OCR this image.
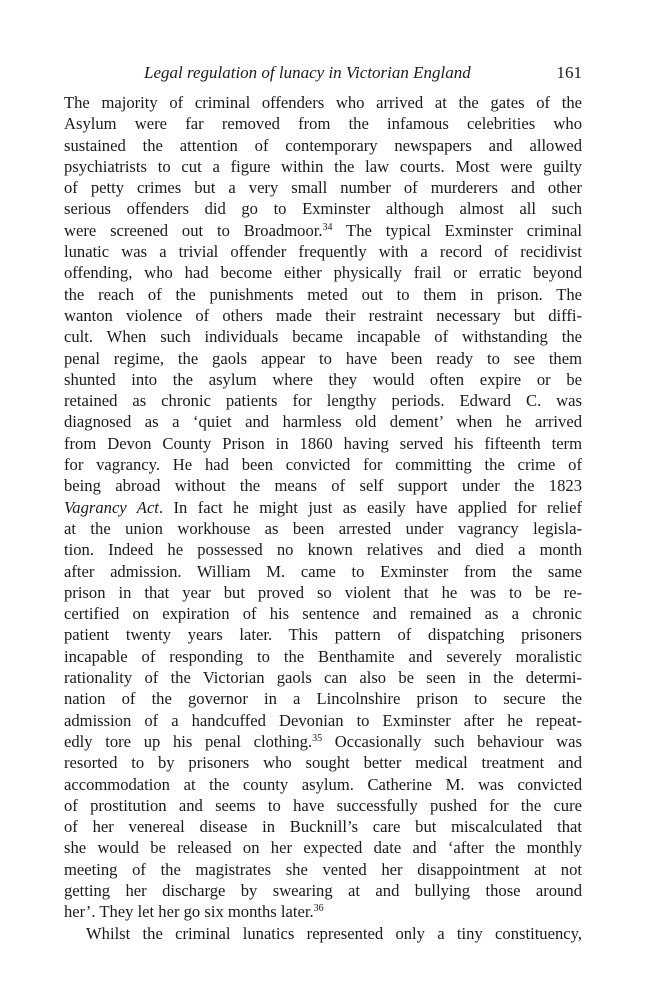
Legal regulation of lunacy in Victorian England	161
The majority of criminal offenders who arrived at the gates of the
Asylum were far removed from the infamous celebrities who
sustained the attention of contemporary newspapers and allowed
psychiatrists to cut a figure within the law courts. Most were guilty
of petty crimes but a very small number of murderers and other
serious offenders did go to Exminster although almost all such
were screened out to Broadmoor.$^{34}$ The typical Exminster criminal
lunatic was a trivial offender frequently with a record of recidivist
offending, who had become either physically frail or erratic beyond
the reach of the punishments meted out to them in prison. The
wanton violence of others made their restraint necessary but diffi-
cult. When such individuals became incapable of withstanding the
penal regime, the gaols appear to have been ready to see them
shunted into the asylum where they would often expire or be
retained as chronic patients for lengthy periods. Edward C. was
diagnosed as a ‘quiet and harmless old dement’ when he arrived
from Devon County Prison in 1860 having served his fifteenth term
for vagrancy. He had been convicted for committing the crime of
being abroad without the means of self support under the 1823
Vagrancy Act. In fact he might just as easily have applied for relief
at the union workhouse as been arrested under vagrancy legisla-
tion. Indeed he possessed no known relatives and died a month
after admission. William M. came to Exminster from the same
prison in that year but proved so violent that he was to be re-
certified on expiration of his sentence and remained as a chronic
patient twenty years later. This pattern of dispatching prisoners
incapable of responding to the Benthamite and severely moralistic
rationality of the Victorian gaols can also be seen in the determi-
nation of the governor in a Lincolnshire prison to secure the
admission of a handcuffed Devonian to Exminster after he repeat-
edly tore up his penal clothing.$^{35}$ Occasionally such behaviour was
resorted to by prisoners who sought better medical treatment and
accommodation at the county asylum. Catherine M. was convicted
of prostitution and seems to have successfully pushed for the cure
of her venereal disease in Bucknill’s care but miscalculated that
she would be released on her expected date and ‘after the monthly
meeting of the magistrates she vented her disappointment at not
getting her discharge by swearing at and bullying those around
her’. They let her go six months later.$^{36}$
Whilst the criminal lunatics represented only a tiny constituency,
